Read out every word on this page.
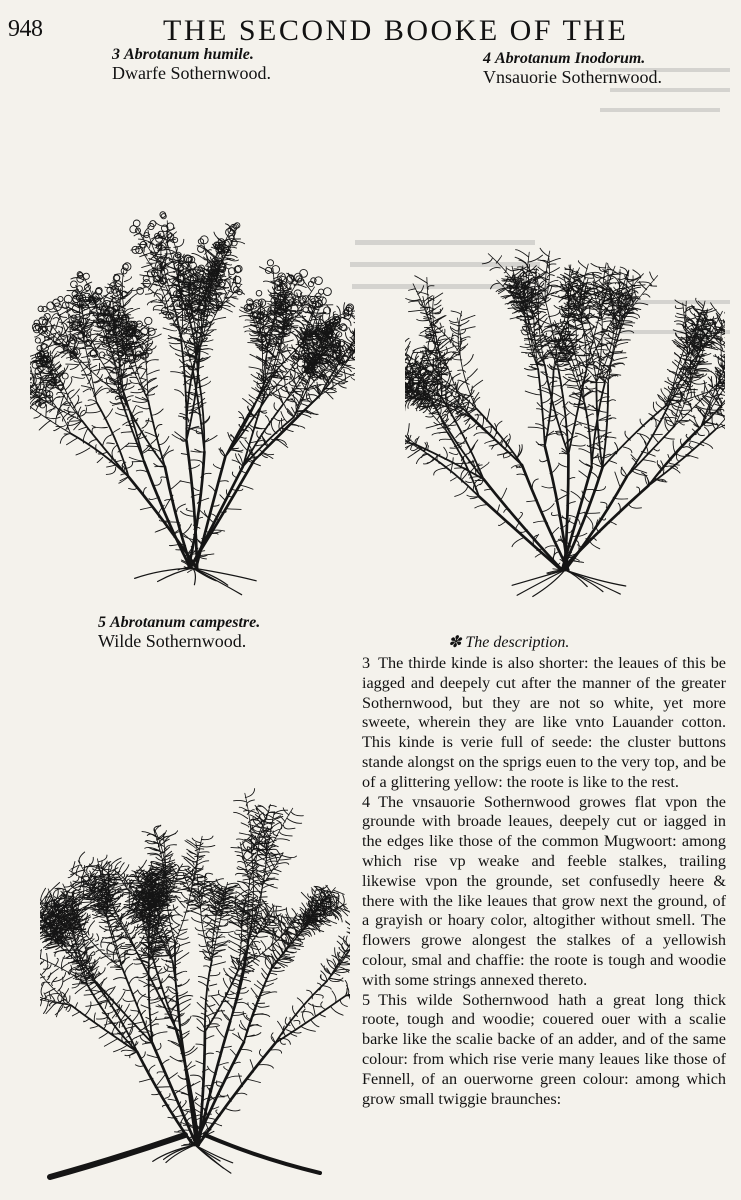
948	THE SECOND BOOKE OF THE
3 Abrotanum humile.
Dwarfe Sothernwood.
4 Abrotanum Inodorum.
Vnsauorie Sothernwood.
5 Abrotanum campestre.
Wilde Sothernwood.	✽ The description.

3 The thirde kinde is also shorter: the leaues of this be iagged and deepely cut after the manner of the greater Sothernwood, but they are not so white, yet more sweete, wherein they are like vnto Lauander cotton. This kinde is verie full of seede: the cluster buttons stande alongst on the sprigs euen to the very top, and be of a glittering yellow: the roote is like to the rest.

4 The vnsauorie Sothernwood growes flat vpon the grounde with broade leaues, deepely cut or iagged in the edges like those of the common Mugwoort: among which rise vp weake and feeble stalkes, trailing likewise vpon the grounde, set confusedly heere & there with the like leaues that grow next the ground, of a grayish or hoary color, altogither without smell. The flowers growe alongest the stalkes of a yellowish colour, smal and chaffie: the roote is tough and woodie with some strings annexed thereto.

5 This wilde Sothernwood hath a great long thick roote, tough and woodie; couered ouer with a scalie barke like the scalie backe of an adder, and of the same colour: from which rise verie many leaues like those of Fennell, of an ouerworne green colour: among which grow small twiggie braunches:
